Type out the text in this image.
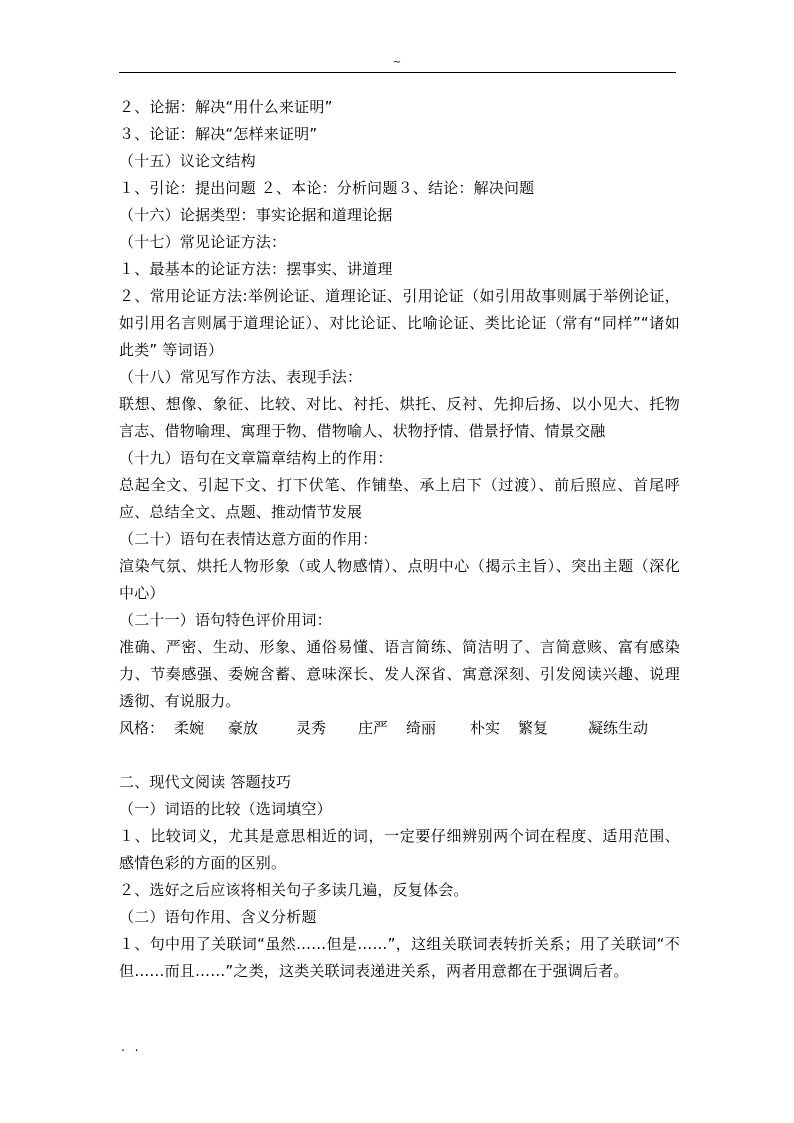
~
２、论据：解决“用什么来证明”
３、论证：解决“怎样来证明”
（十五）议论文结构
１、引论：提出问题 ２、本论：分析问题３、结论：解决问题
（十六）论据类型：事实论据和道理论据
（十七）常见论证方法：
１、最基本的论证方法：摆事实、讲道理
２、常用论证方法:举例论证、道理论证、引用论证（如引用故事则属于举例论证，如引用名言则属于道理论证）、对比论证、比喻论证、类比论证（常有“同样”“诸如此类” 等词语）
（十八）常见写作方法、表现手法：
联想、想像、象征、比较、对比、衬托、烘托、反衬、先抑后扬、以小见大、托物言志、借物喻理、寓理于物、借物喻人、状物抒情、借景抒情、情景交融
（十九）语句在文章篇章结构上的作用：
总起全文、引起下文、打下伏笔、作铺垫、承上启下（过渡）、前后照应、首尾呼应、总结全文、点题、推动情节发展
（二十）语句在表情达意方面的作用：
渲染气氛、烘托人物形象（或人物感情）、点明中心（揭示主旨）、突出主题（深化中心）
（二十一）语句特色评价用词：
准确、严密、生动、形象、通俗易懂、语言简练、简洁明了、言简意赅、富有感染力、节奏感强、委婉含蓄、意味深长、发人深省、寓意深刻、引发阅读兴趣、说理透彻、有说服力。
风格： 柔婉	豪放	灵秀	庄严	绮丽	朴实	繁复	凝练生动
二、现代文阅读 答题技巧
（一）词语的比较（选词填空）
１、比较词义，尤其是意思相近的词，一定要仔细辨别两个词在程度、适用范围、感情色彩的方面的区别。
２、选好之后应该将相关句子多读几遍，反复体会。
（二）语句作用、含义分析题
１、句中用了关联词“虽然……但是……”，这组关联词表转折关系；用了关联词“不但……而且……”之类，这类关联词表递进关系，两者用意都在于强调后者。
. .
